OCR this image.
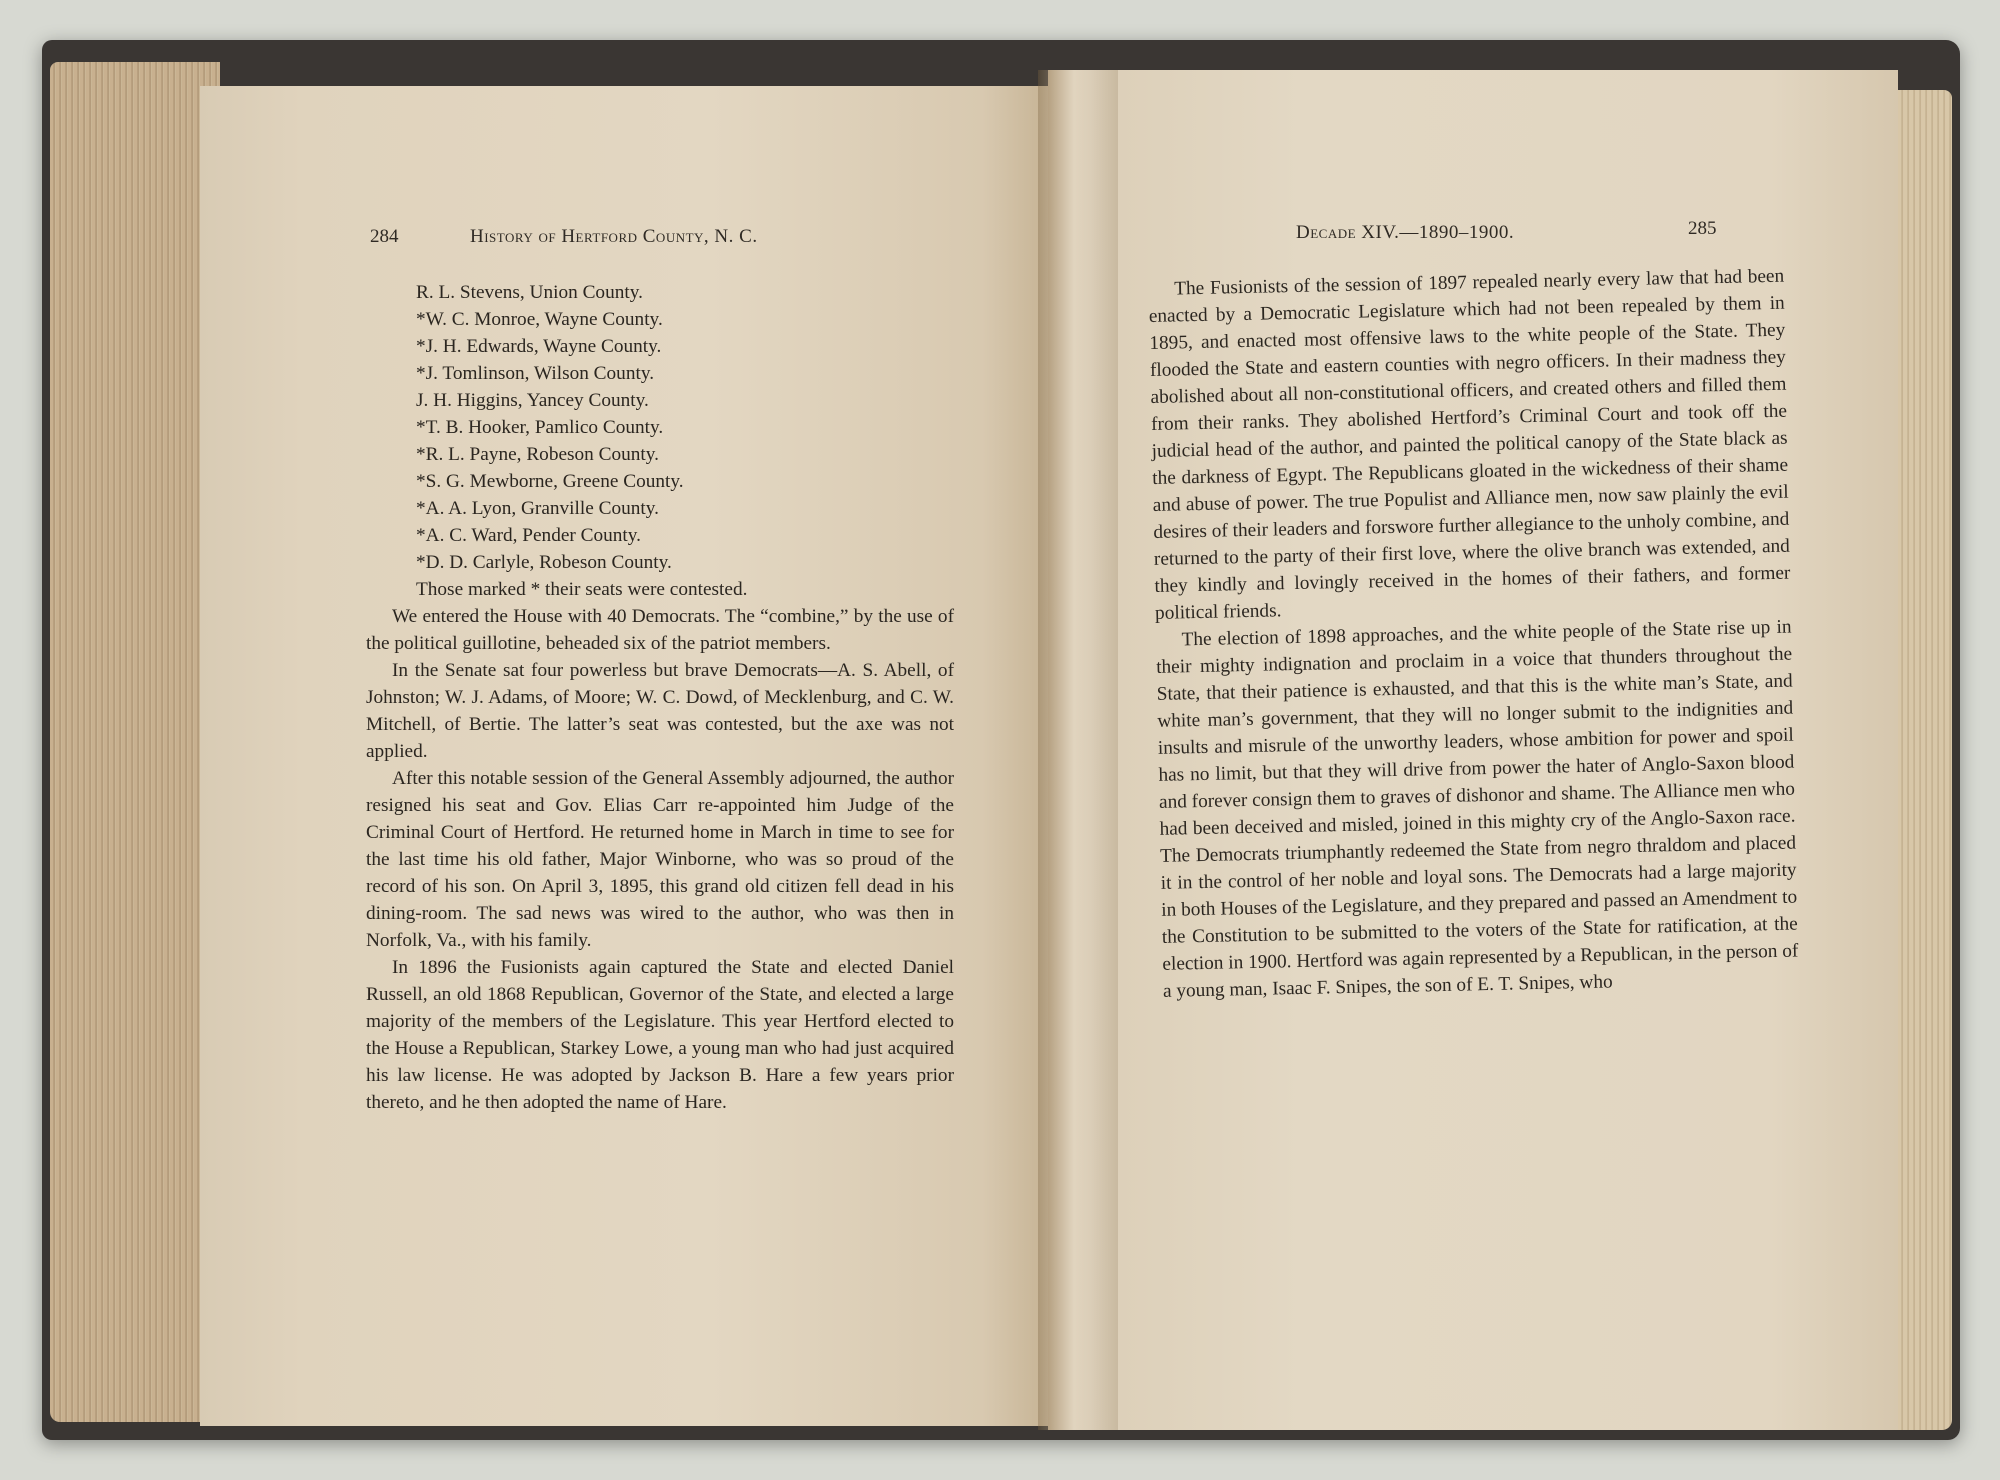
284	History of Hertford County, N. C.

R. L. Stevens, Union County.

*W. C. Monroe, Wayne County.

*J. H. Edwards, Wayne County.

*J. Tomlinson, Wilson County.

J. H. Higgins, Yancey County.

*T. B. Hooker, Pamlico County.

*R. L. Payne, Robeson County.

*S. G. Mewborne, Greene County.

*A. A. Lyon, Granville County.

*A. C. Ward, Pender County.

*D. D. Carlyle, Robeson County.

Those marked * their seats were contested.

We entered the House with 40 Democrats. The “combine,” by the use of the political guillotine, beheaded six of the patriot members.

In the Senate sat four powerless but brave Democrats—A. S. Abell, of Johnston; W. J. Adams, of Moore; W. C. Dowd, of Mecklenburg, and C. W. Mitchell, of Bertie. The latter’s seat was contested, but the axe was not applied.

After this notable session of the General Assembly adjourned, the author resigned his seat and Gov. Elias Carr re-appointed him Judge of the Criminal Court of Hertford. He returned home in March in time to see for the last time his old father, Major Winborne, who was so proud of the record of his son. On April 3, 1895, this grand old citizen fell dead in his dining-room. The sad news was wired to the author, who was then in Norfolk, Va., with his family.

In 1896 the Fusionists again captured the State and elected Daniel Russell, an old 1868 Republican, Governor of the State, and elected a large majority of the members of the Legislature. This year Hertford elected to the House a Republican, Starkey Lowe, a young man who had just acquired his law license. He was adopted by Jackson B. Hare a few years prior thereto, and he then adopted the name of Hare.

Decade XIV.—1890–1900.	285

The Fusionists of the session of 1897 repealed nearly every law that had been enacted by a Democratic Legislature which had not been repealed by them in 1895, and enacted most offensive laws to the white people of the State. They flooded the State and eastern counties with negro officers. In their madness they abolished about all non-constitutional officers, and created others and filled them from their ranks. They abolished Hertford’s Criminal Court and took off the judicial head of the author, and painted the political canopy of the State black as the darkness of Egypt. The Republicans gloated in the wickedness of their shame and abuse of power. The true Populist and Alliance men, now saw plainly the evil desires of their leaders and forswore further allegiance to the unholy combine, and returned to the party of their first love, where the olive branch was extended, and they kindly and lovingly received in the homes of their fathers, and former political friends.

The election of 1898 approaches, and the white people of the State rise up in their mighty indignation and proclaim in a voice that thunders throughout the State, that their patience is exhausted, and that this is the white man’s State, and white man’s government, that they will no longer submit to the indignities and insults and misrule of the unworthy leaders, whose ambition for power and spoil has no limit, but that they will drive from power the hater of Anglo-Saxon blood and forever consign them to graves of dishonor and shame. The Alliance men who had been deceived and misled, joined in this mighty cry of the Anglo-Saxon race. The Democrats triumphantly redeemed the State from negro thraldom and placed it in the control of her noble and loyal sons. The Democrats had a large majority in both Houses of the Legislature, and they prepared and passed an Amendment to the Constitution to be submitted to the voters of the State for ratification, at the election in 1900. Hertford was again represented by a Republican, in the person of a young man, Isaac F. Snipes, the son of E. T. Snipes, who
